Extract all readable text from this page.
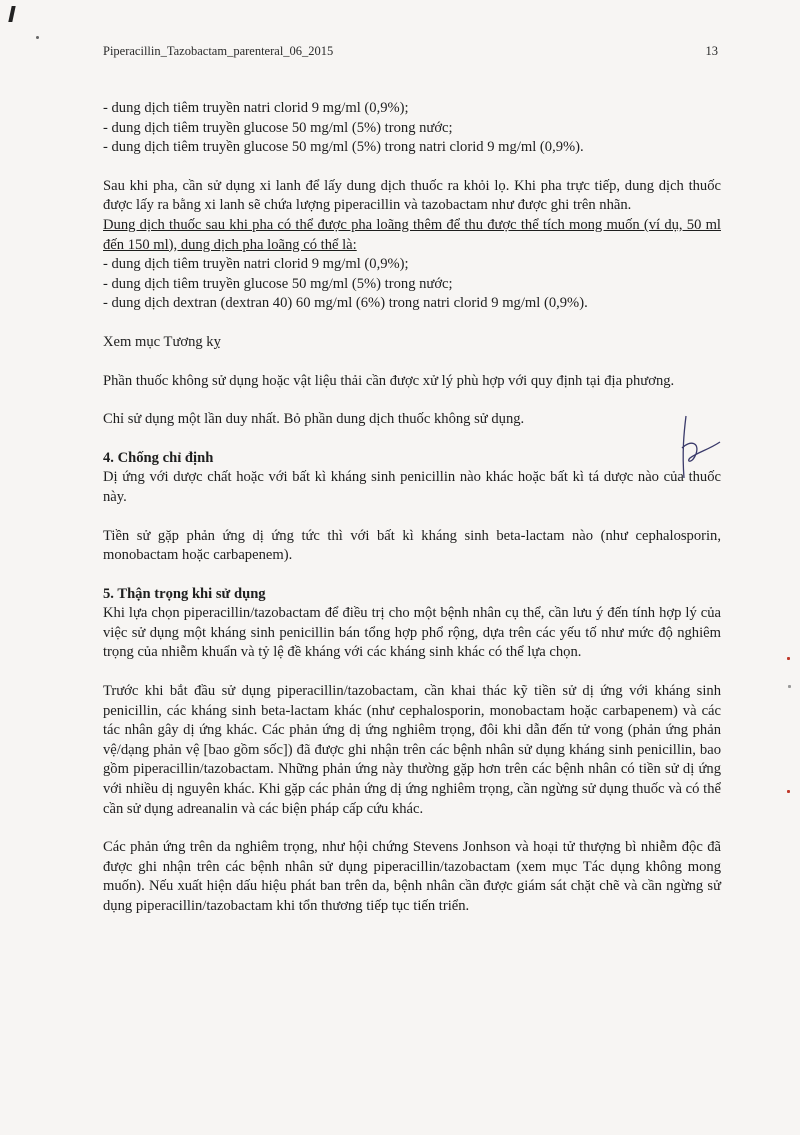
Piperacillin_Tazobactam_parenteral_06_2015	13

- dung dịch tiêm truyền natri clorid 9 mg/ml (0,9%);

- dung dịch tiêm truyền glucose 50 mg/ml (5%) trong nước;

- dung dịch tiêm truyền glucose 50 mg/ml (5%) trong natri clorid 9 mg/ml (0,9%).

Sau khi pha, cần sử dụng xi lanh để lấy dung dịch thuốc ra khỏi lọ. Khi pha trực tiếp, dung dịch thuốc được lấy ra bằng xi lanh sẽ chứa lượng piperacillin và tazobactam như được ghi trên nhãn.

Dung dịch thuốc sau khi pha có thể được pha loãng thêm để thu được thể tích mong muốn (ví dụ, 50 ml đến 150 ml), dung dịch pha loãng có thể là:

- dung dịch tiêm truyền natri clorid 9 mg/ml (0,9%);

- dung dịch tiêm truyền glucose 50 mg/ml (5%) trong nước;

- dung dịch dextran (dextran 40) 60 mg/ml (6%) trong natri clorid 9 mg/ml (0,9%).

Xem mục Tương kỵ

Phần thuốc không sử dụng hoặc vật liệu thải cần được xử lý phù hợp với quy định tại địa phương.

Chỉ sử dụng một lần duy nhất. Bỏ phần dung dịch thuốc không sử dụng.

4. Chống chỉ định

Dị ứng với dược chất hoặc với bất kì kháng sinh penicillin nào khác hoặc bất kì tá dược nào của thuốc này.

Tiền sử gặp phản ứng dị ứng tức thì với bất kì kháng sinh beta-lactam nào (như cephalosporin, monobactam hoặc carbapenem).

5. Thận trọng khi sử dụng

Khi lựa chọn piperacillin/tazobactam để điều trị cho một bệnh nhân cụ thể, cần lưu ý đến tính hợp lý của việc sử dụng một kháng sinh penicillin bán tổng hợp phổ rộng, dựa trên các yếu tố như mức độ nghiêm trọng của nhiễm khuẩn và tỷ lệ đề kháng với các kháng sinh khác có thể lựa chọn.

Trước khi bắt đầu sử dụng piperacillin/tazobactam, cần khai thác kỹ tiền sử dị ứng với kháng sinh penicillin, các kháng sinh beta-lactam khác (như cephalosporin, monobactam hoặc carbapenem) và các tác nhân gây dị ứng khác. Các phản ứng dị ứng nghiêm trọng, đôi khi dẫn đến tử vong (phản ứng phản vệ/dạng phản vệ [bao gồm sốc]) đã được ghi nhận trên các bệnh nhân sử dụng kháng sinh penicillin, bao gồm piperacillin/tazobactam. Những phản ứng này thường gặp hơn trên các bệnh nhân có tiền sử dị ứng với nhiều dị nguyên khác. Khi gặp các phản ứng dị ứng nghiêm trọng, cần ngừng sử dụng thuốc và có thể cần sử dụng adreanalin và các biện pháp cấp cứu khác.

Các phản ứng trên da nghiêm trọng, như hội chứng Stevens Jonhson và hoại tử thượng bì nhiễm độc đã được ghi nhận trên các bệnh nhân sử dụng piperacillin/tazobactam (xem mục Tác dụng không mong muốn). Nếu xuất hiện dấu hiệu phát ban trên da, bệnh nhân cần được giám sát chặt chẽ và cần ngừng sử dụng piperacillin/tazobactam khi tổn thương tiếp tục tiến triển.
